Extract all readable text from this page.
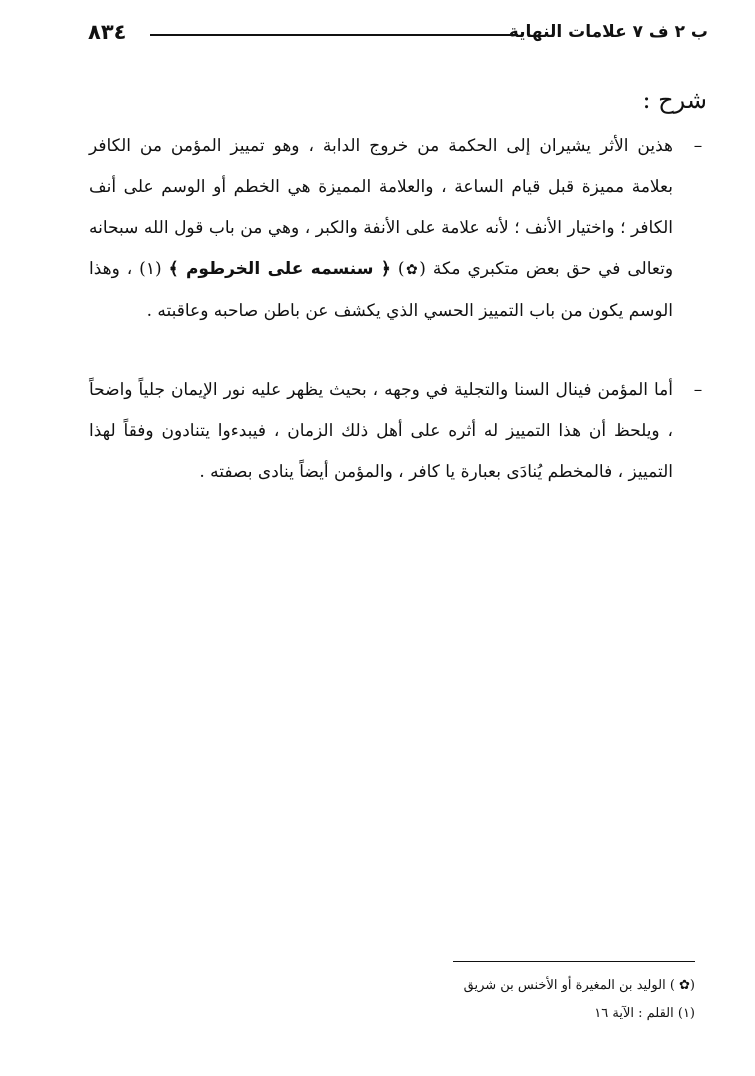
ب ٢ ف ٧ علامات النهاية
٨٣٤
شرح :
–
هذين الأثر يشيران إلى الحكمة من خروج الدابة ، وهو تمييز المؤمن من الكافر بعلامة مميزة قبل قيام الساعة ، والعلامة المميزة هي الخطم أو الوسم على أنف الكافر ؛ واختيار الأنف ؛ لأنه علامة على الأنفة والكبر ، وهي من باب قول الله سبحانه وتعالى في حق بعض متكبري مكة (✿) ﴿ سنسمه على الخرطوم ﴾ (١) ، وهذا الوسم يكون من باب التمييز الحسي الذي يكشف عن باطن صاحبه وعاقبته .
–
أما المؤمن فينال السنا والتجلية في وجهه ، بحيث يظهر عليه نور الإيمان جلياً واضحاً ، ويلحظ أن هذا التمييز له أثره على أهل ذلك الزمان ، فيبدءوا يتنادون وفقاً لهذا التمييز ، فالمخطم يُنادَى بعبارة يا كافر ، والمؤمن أيضاً ينادى بصفته .
(✿ ) الوليد بن المغيرة أو الأخنس بن شريق
(١) القلم : الآية ١٦
